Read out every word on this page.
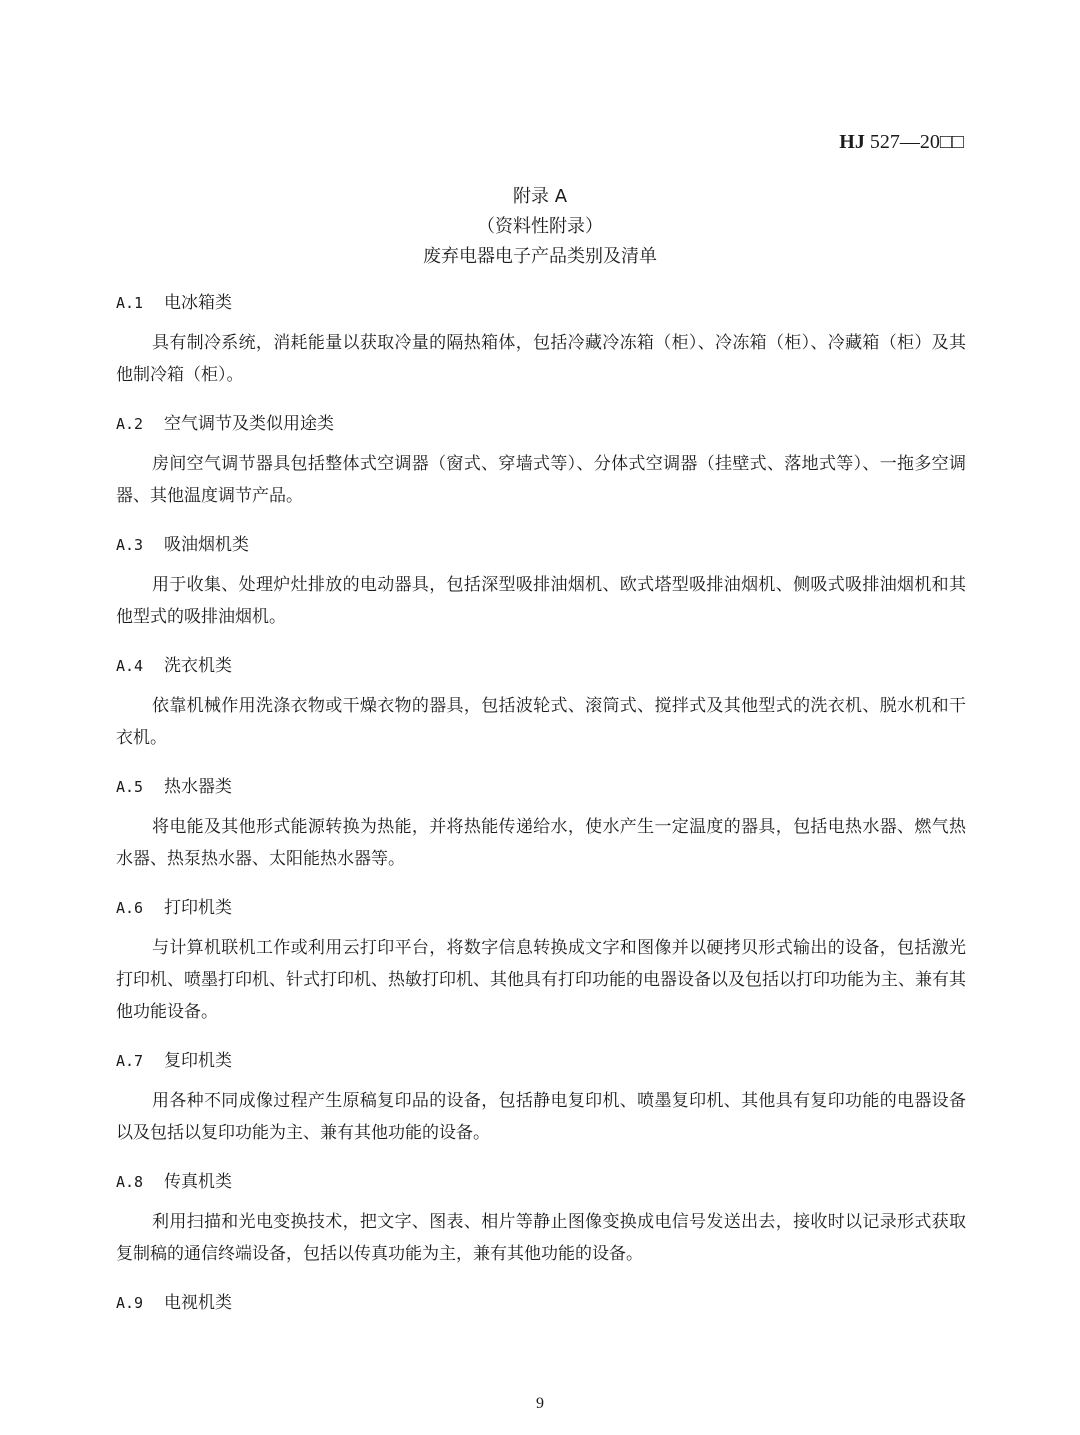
HJ 527—20□□
附录 A
（资料性附录）
废弃电器电子产品类别及清单
A.1 电冰箱类

具有制冷系统，消耗能量以获取冷量的隔热箱体，包括冷藏冷冻箱（柜）、冷冻箱（柜）、冷藏箱（柜）及其他制冷箱（柜）。

A.2 空气调节及类似用途类

房间空气调节器具包括整体式空调器（窗式、穿墙式等）、分体式空调器（挂壁式、落地式等）、一拖多空调器、其他温度调节产品。

A.3 吸油烟机类

用于收集、处理炉灶排放的电动器具，包括深型吸排油烟机、欧式塔型吸排油烟机、侧吸式吸排油烟机和其他型式的吸排油烟机。

A.4 洗衣机类

依靠机械作用洗涤衣物或干燥衣物的器具，包括波轮式、滚筒式、搅拌式及其他型式的洗衣机、脱水机和干衣机。

A.5 热水器类

将电能及其他形式能源转换为热能，并将热能传递给水，使水产生一定温度的器具，包括电热水器、燃气热水器、热泵热水器、太阳能热水器等。

A.6 打印机类

与计算机联机工作或利用云打印平台，将数字信息转换成文字和图像并以硬拷贝形式输出的设备，包括激光打印机、喷墨打印机、针式打印机、热敏打印机、其他具有打印功能的电器设备以及包括以打印功能为主、兼有其他功能设备。

A.7 复印机类

用各种不同成像过程产生原稿复印品的设备，包括静电复印机、喷墨复印机、其他具有复印功能的电器设备以及包括以复印功能为主、兼有其他功能的设备。

A.8 传真机类

利用扫描和光电变换技术，把文字、图表、相片等静止图像变换成电信号发送出去，接收时以记录形式获取复制稿的通信终端设备，包括以传真功能为主，兼有其他功能的设备。

A.9 电视机类
9
